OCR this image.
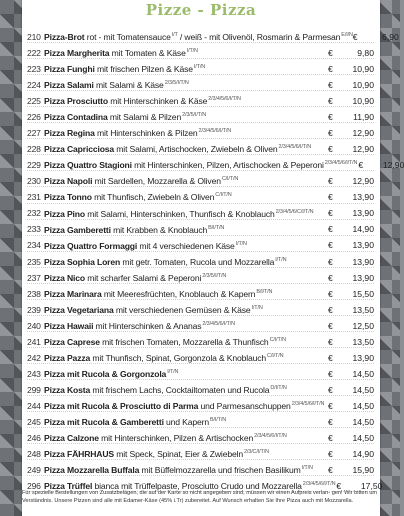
Pizze - Pizza
210 Pizza-Brot rot - mit Tomatensauce$^{I/T}$ / weiß - mit Olivenöl, Rosmarin & Parmesan$^{E/I/N}$ €	6,90
222 Pizza Margherita mit Tomaten & Käse$^{I/T/N}$	€	9,80
223 Pizza Funghi mit frischen Pilzen & Käse$^{I/T/N}$	€ 10,90
224 Pizza Salami mit Salami & Käse$^{2/3/5/I/T/N}$	€ 10,90
225 Pizza Prosciutto mit Hinterschinken & Käse$^{2/3/4/5/6/I/T/N}$	€ 10,90
226 Pizza Contadina mit Salami & Pilzen$^{2/3/5/I/T/N}$	€ 11,90
227 Pizza Regina mit Hinterschinken & Pilzen$^{2/3/4/5/6/I/T/N}$	€ 12,90
228 Pizza Capricciosa mit Salami, Artischocken, Zwiebeln & Oliven$^{2/3/4/5/6/I/T/N}$	€ 12,90
229 Pizza Quattro Stagioni mit Hinterschinken, Pilzen, Artischocken & Peperoni$^{2/3/4/5/6/I/T/N}$ € 12,90
230 Pizza Napoli mit Sardellen, Mozzarella & Oliven$^{C/I/T/N}$	€ 12,90
231 Pizza Tonno mit Thunfisch, Zwiebeln & Oliven$^{C/I/T/N}$	€ 13,90
232 Pizza Pino mit Salami, Hinterschinken, Thunfisch & Knoblauch$^{2/3/4/5/6/C/I/T/N}$	€ 13,90
233 Pizza Gamberetti mit Krabben & Knoblauch$^{B/I/T/N}$	€ 14,90
234 Pizza Quattro Formaggi mit 4 verschiedenen Käse$^{I/T/N}$	€ 13,90
235 Pizza Sophia Loren mit getr. Tomaten, Rucola und Mozzarella$^{I/T/N}$	€ 13,90
237 Pizza Nico mit scharfer Salami & Peperoni$^{2/3/5/I/T/N}$	€ 13,90
238 Pizza Marinara mit Meeresfrüchten, Knoblauch & Kapern$^{B/I/T/N}$	€ 15,50
239 Pizza Vegetariana mit verschiedenen Gemüsen & Käse$^{I/T/N}$	€ 13,50
240 Pizza Hawaii mit Hinterschinken & Ananas$^{2/3/4/5/6/I/T/N}$	€ 12,50
241 Pizza Caprese mit frischen Tomaten, Mozzarella & Thunfisch$^{C/I/T/N}$	€ 13,50
242 Pizza Pazza mit Thunfisch, Spinat, Gorgonzola & Knoblauch$^{C/I/T/N}$	€ 13,90
243 Pizza mit Rucola & Gorgonzola$^{I/T/N}$	€ 14,50
299 Pizza Kosta mit frischem Lachs, Cocktailtomaten und Rucola$^{D/I/T/N}$	€ 14,50
244 Pizza mit Rucola & Prosciutto di Parma und Parmesanschuppen$^{2/3/4/5/6/I/T/N}$ € 14,50
245 Pizza mit Rucola & Gamberetti und Kapern$^{B/I/T/N}$	€ 14,50
246 Pizza Calzone mit Hinterschinken, Pilzen & Artischocken$^{2/3/4/5/6/I/T/N}$	€ 14,50
248 Pizza FÄHRHAUS mit Speck, Spinat, Eier & Zwiebeln$^{2/3/C/I/T/N}$	€ 14,90
249 Pizza Mozzarella Buffala mit Büffelmozzarella und frischen Basilikum$^{I/T/N}$	€ 15,90
296 Pizza Trüffel bianca mit Trüffelpaste, Prosciutto Crudo und Mozzarella$^{2/3/4/5/6/I/T/N}$ € 17,50
Für spezielle Bestellungen von Zusatzbelägen, die auf der Karte so nicht angegeben sind, müssen wir einen Aufpreis verlan- gen! Wir bitten um Verständnis. Unsere Pizzen sind alle mit Edamer-Käse (45% i.Tr) zubereitet. Auf Wunsch erhalten Sie Ihre Pizza auch mit Mozzarella.
